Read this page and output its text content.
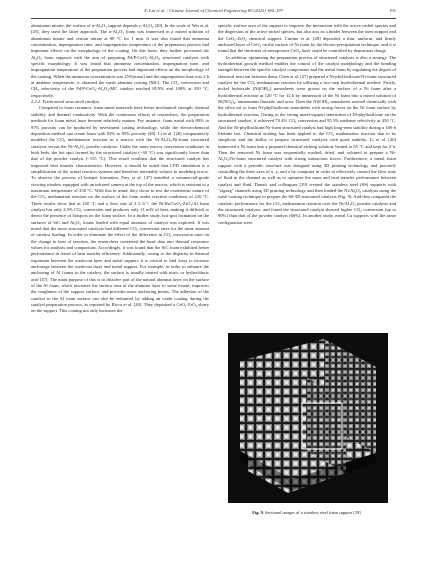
X. Liu et al. / Chinese Journal of Chemical Engineering 80 (2025) 184–197	191

aluminium nitrate, the surface of α-Al₂O₃ support depends γ-Al₂O₃ [40]. In the work of Wei et al. [45], they used the latter approach. The α-Al₂O₃ foam was immersed in a mixed solution of aluminium nitrate and cerium nitrate at 80 °C for 1 min. It was also found that ammonia concentration, impregnation time, and impregnation temperature of the preparation process had important effects on the morphology of the coating. On this basis, they further processed the Al₂O₃ foam supports with the aim of preparing Pd/P-CeO₂-Al₂O₃ structured catalysts with specific morphology. It was found that ammonia concentration, impregnation time, and impregnation temperature of the preparation process had important effects on the morphology of the coating. When the ammonia concentration was 25%(mass) and the impregnation time was 2 h at ambient temperature, it obtained the mesh alumina coating (MC). The CO₂ conversion and CH₄ selectivity of the Pd/P-CeO₂-Al₂O₃-MC catalyst reached 85.9% and 100% at 350 °C, respectively.

2.2.2. Foam metal structured catalyst

Compared to foam ceramics, foam metal materials have better mechanical strength, thermal stability, and thermal conductivity. With the continuous efforts of researchers, the preparation methods for foam metal have become relatively mature. For instance, foam metal with 80% to 97% porosity can be produced by investment casting technology, while the electrochemical deposition method can create foam with 92% to 95% porosity [46]. Li et al. [26] comparatively modeled the CO₂ methanation reaction in a reactor with the Ni-Al₂O₃/Ni-foam structured catalysts versus the Ni-Al₂O₃ powder catalysts. Under the same reactor conversion conditions in both beds, the hot spot formed by the structured catalyst (~30 °C) was significantly lower than that of the powder catalyst (~155 °C). This result confirms that the structured catalyst has improved heat transfer characteristics. However, it should be noted that CFD simulation is a simplification of the actual reaction systems and therefore inevitably subject to modeling errors. To observe the process of hotspot formation, Frey et al. [47] installed a commercial-grade viewing window equipped with an infrared camera at the top of the reactor, which is resistant to a maximum temperature of 250 °C. With this in mind, they chose to test the exothermic nature of the CO₂ methanation reaction on the surface of the foam under reaction conditions of 220 °C. These results show that at 220 °C and a flow rate of 2 L·h⁻¹, the Ni-Ru/CeO₂-ZrO₂/Al foam catalyst has only 2.3% CO₂ conversion and produces only 11 mW of heat, making it difficult to detect the presence of hotspots on the foam surface. In a further study, hot spot formation on the surfaces of SiC and Al₂O₃ foams loaded with equal amounts of catalyst was explored. It was noted that the more structured catalysts had different CO₂ conversion rates for the same amount of catalyst loading. In order to eliminate the effect of the difference in CO₂ conversion rates on the change in heat of reaction, the researchers converted the bead data into thermal resistance values for analysis and comparison. Accordingly, it was found that the SiC foam exhibited better performance in terms of heat transfer efficiency. Additionally, owing to the disparity in thermal expansion between the washcoat layer and metal support, it is critical to find ways to increase anchorage between the washcoat layer and metal support. For example, in order to enhance the anchoring of Al foams to the catalyst, the surface is usually treated with nitric or hydrochloric acid [47]. The main purpose of this is to dissolve part of the natural alumina layer on the surface of the Al foam, which increases the surface area of the alumina layer to some extent, improves the roughness of the support surface, and provides more anchoring points. The adhesion of the catalyst to the Al foam surface can also be enhanced by adding an oxide coating during the catalyst preparation process, as reported by Ricca et al. [20]. They deposited a CeO₂-ZrO₂ slurry on the support. This coating not only increases the

specific surface area of the support to improve the interaction with the active nickel species and the dispersion of the active nickel species, but also acts as a binder between the inert support and the CeO₂-ZrO₂ chemical support. Cimino et al. [28] deposited a thin, uniform, and firmly anchored layer of CeO₂ on the surface of Ni foam by the electro-precipitation technique, and it is found that the thickness of mesoporous CeO₂ layer could be controlled by deposition charge.

In addition, optimizing the preparation process of structured catalysts is also a strategy. The hydrothermal growth method enables the control of the catalyst morphology and the bonding strength between the specific catalyst components and the metal foam by regulating the degree of chemical reaction between them. Chen et al. [27] prepared a Ni-phyllosilicate/Ni-foam structured catalyst for the CO₂ methanation reaction by utilizing a two-step hydrothermal method. Firstly, nickel hydroxide (Ni(OH)₂) nanosheets were grown on the surface of a Ni foam after a hydrothermal reaction at 120 °C for 12 h by immersion of the Ni foam into a mixed solution of Ni(NO₃)₂, ammonium fluoride, and urea. Then the Ni(OH)₂ nanosheets reacted chemically with the silica sol to form Ni-phyllosilicate nanosheets with strong forces on the Ni foam surface by hydrothermal reaction. Owing to the strong metal-support interaction of Ni-phyllosilicate on the structured catalyst, it achieved 70.4% CO₂ conversion and 95.5% methane selectivity at 450 °C. And the Ni-phyllosilicate/Ni-foam structured catalyst had high long-term stability during a 100-h lifetime test. Chemical etching has been applied to the CO₂ methanation reaction due to its simplicity and the ability to prepare structured catalysts with good stability. Li et al. [26] immersed a Ni foam into a prepared chemical etching solution, heated to 65 °C and kept for 2 h. Then the removed Ni foam was sequentially washed, dried, and calcined to prepare a Ni-Al₂O₃/Ni-foam structured catalyst with strong interaction forces. Furthermore, a metal foam support with a periodic structure was designed using 3D printing technology and precisely controlling the three axes of x, y, and z by computer in order to effectively control the flow state of fluid in the channel as well as to optimize the mass and heat transfer performance between catalyst and fluid. Danaci and colleagues [29] created the stainless steel (SS) supports with "zigzag" channels using 3D printing technology and then loaded the Ni/Al₂O₃ catalysts using the wash-coating technique to prepare the SS-3D structured catalysts (Fig. 9). And they compared the catalytic performance for the CO₂ methanation reaction over the Ni/Al₂O₃ powder catalysts and the structured catalysts, and found the structured catalyst showed higher CO₂ conversion (up to 90%) than that of the powder catalyst (66%). In another study, metal Cu supports with the same configuration were

Fig. 9. Sectional images of a stainless steel foam support [29].
